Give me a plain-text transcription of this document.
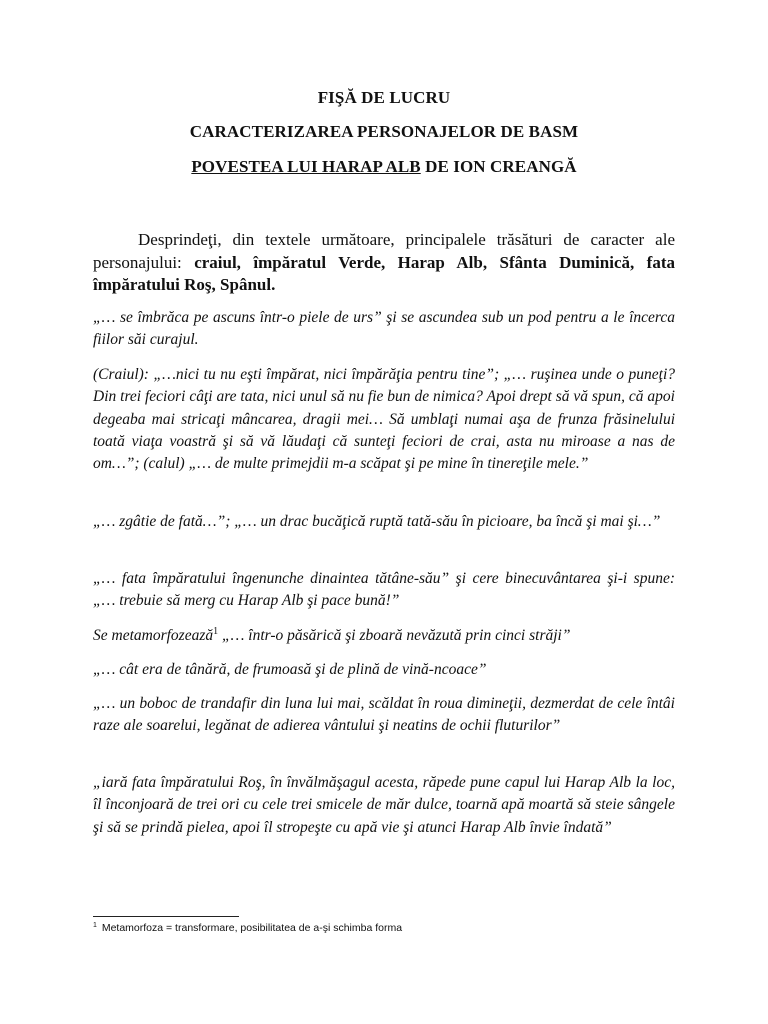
FIŞĂ DE LUCRU
CARACTERIZAREA PERSONAJELOR DE BASM
POVESTEA LUI HARAP ALB DE ION CREANGĂ

Desprindeţi, din textele următoare, principalele trăsături de caracter ale personajului: craiul, împăratul Verde, Harap Alb, Sfânta Duminică, fata împăratului Roş, Spânul.

„… se îmbrăca pe ascuns într-o piele de urs” şi se ascundea sub un pod pentru a le încerca fiilor săi curajul.

(Craiul): „…nici tu nu eşti împărat, nici împărăţia pentru tine”; „… ruşinea unde o puneţi? Din trei feciori câţi are tata, nici unul să nu fie bun de nimica? Apoi drept să vă spun, că apoi degeaba mai stricaţi mâncarea, dragii mei… Să umblaţi numai aşa de frunza frăsinelului toată viaţa voastră şi să vă lăudaţi că sunteţi feciori de crai, asta nu miroase a nas de om…”; (calul) „… de multe primejdii m-a scăpat şi pe mine în tinereţile mele.”

„… zgâtie de fată…”; „… un drac bucăţică ruptă tată-său în picioare, ba încă şi mai şi…”

„… fata împăratului îngenunche dinaintea tătâne-său” şi cere binecuvântarea şi-i spune: „… trebuie să merg cu Harap Alb şi pace bună!”

Se metamorfozează$^1$ „… într-o păsărică şi zboară nevăzută prin cinci străji”

„… cât era de tânără, de frumoasă şi de plină de vină-ncoace”

„… un boboc de trandafir din luna lui mai, scăldat în roua dimineţii, dezmerdat de cele întâi raze ale soarelui, legănat de adierea vântului şi neatins de ochii fluturilor”

„iară fata împăratului Roş, în învălmăşagul acesta, răpede pune capul lui Harap Alb la loc, îl înconjoară de trei ori cu cele trei smicele de măr dulce, toarnă apă moartă să steie sângele şi să se prindă pielea, apoi îl stropeşte cu apă vie şi atunci Harap Alb învie îndată”

$^1$ Metamorfoza = transformare, posibilitatea de a-şi schimba forma
